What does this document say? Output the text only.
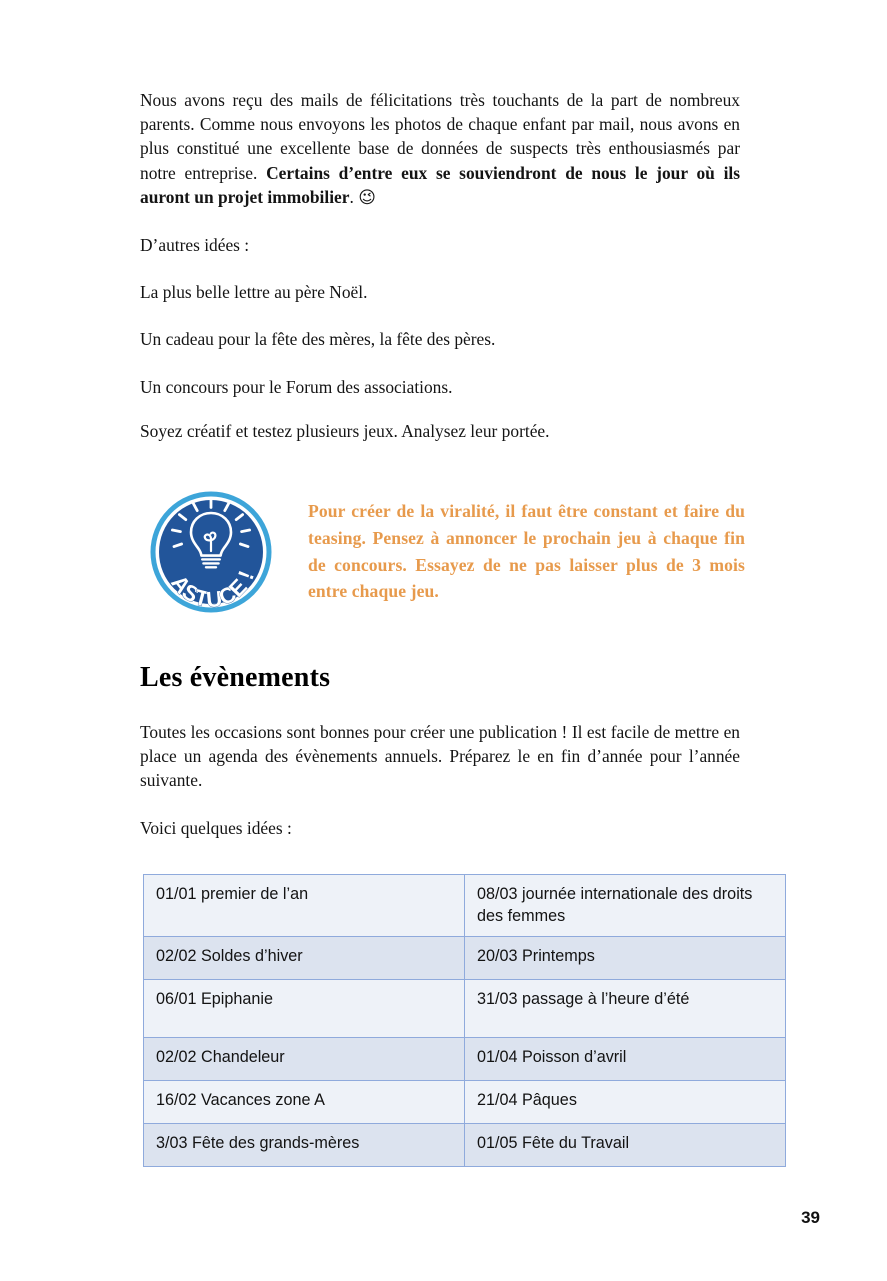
Nous avons reçu des mails de félicitations très touchants de la part de nombreux parents. Comme nous envoyons les photos de chaque enfant par mail, nous avons en plus constitué une excellente base de données de suspects très enthousiasmés par notre entreprise. Certains d’entre eux se souviendront de nous le jour où ils auront un projet immobilier. 😉

D’autres idées :

La plus belle lettre au père Noël.

Un cadeau pour la fête des mères, la fête des pères.

Un concours pour le Forum des associations.

Soyez créatif et testez plusieurs jeux. Analysez leur portée.

ASTUCE !

Pour créer de la viralité, il faut être constant et faire du teasing. Pensez à annoncer le prochain jeu à chaque fin de concours. Essayez de ne pas laisser plus de 3 mois entre chaque jeu.

Les évènements

Toutes les occasions sont bonnes pour créer une publication ! Il est facile de mettre en place un agenda des évènements annuels. Préparez le en fin d’année pour l’année suivante.

Voici quelques idées :

01/01 premier de l’an	08/03 journée internationale des droits des femmes
02/02 Soldes d’hiver	20/03 Printemps
06/01 Epiphanie	31/03 passage à l’heure d’été
02/02 Chandeleur	01/04 Poisson d’avril
16/02 Vacances zone A	21/04 Pâques
3/03 Fête des grands-mères	01/05 Fête du Travail
39
